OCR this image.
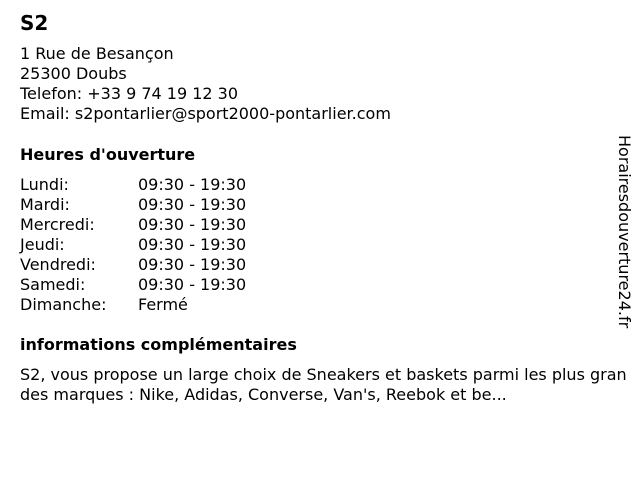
S2
1 Rue de Besançon
25300 Doubs
Telefon: +33 9 74 19 12 30
Email: s2pontarlier@sport2000-pontarlier.com
Heures d'ouverture
Lundi:	09:30 - 19:30
Mardi:	09:30 - 19:30
Mercredi:	09:30 - 19:30
Jeudi:	09:30 - 19:30
Vendredi:	09:30 - 19:30
Samedi:	09:30 - 19:30
Dimanche: Fermé
informations complémentaires

S2, vous propose un large choix de Sneakers et baskets parmi les plus grandes marques : Nike, Adidas, Converse, Van's, Reebok et be...

Horairesdouverture24.fr
